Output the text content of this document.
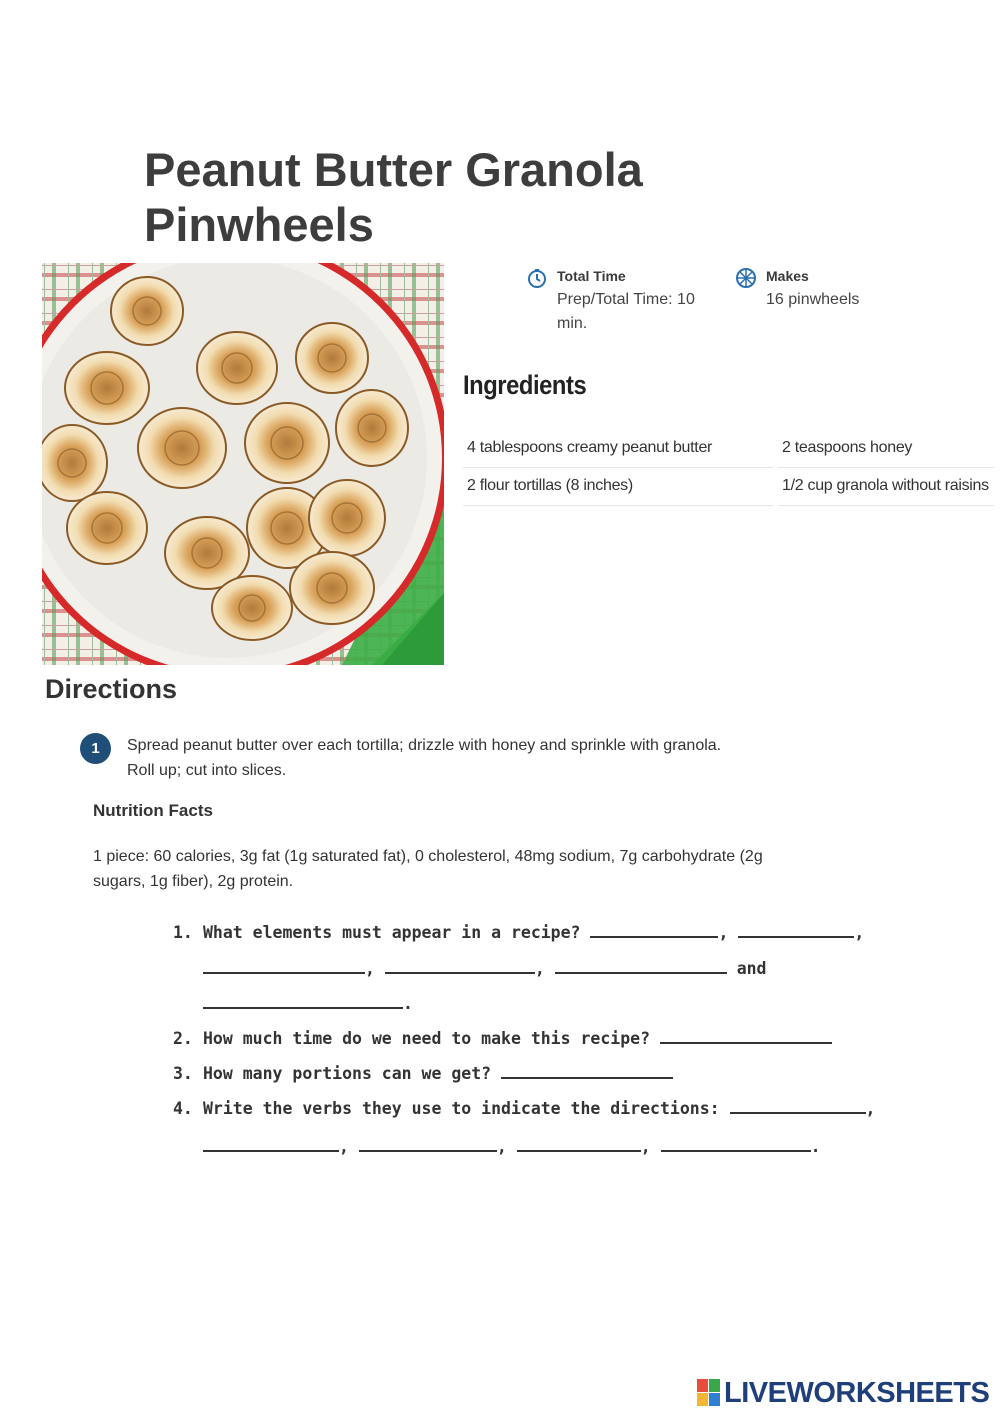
Peanut Butter Granola
Pinwheels
Total Time
Prep/Total Time: 10
min.
Makes
16 pinwheels
Ingredients
4 tablespoons creamy peanut butter	2 teaspoons honey
2 flour tortillas (8 inches)	1/2 cup granola without raisins
Directions
1	Spread peanut butter over each tortilla; drizzle with honey and sprinkle with granola.
Roll up; cut into slices.
Nutrition Facts
1 piece: 60 calories, 3g fat (1g saturated fat), 0 cholesterol, 48mg sodium, 7g carbohydrate (2g
sugars, 1g fiber), 2g protein.
1. What elements must appear in a recipe?	,	,
,	,	and
.
2. How much time do we need to make this recipe?
3. How many portions can we get?
4. Write the verbs they use to indicate the directions:	,
,	,	,	.
LIVEWORKSHEETS
